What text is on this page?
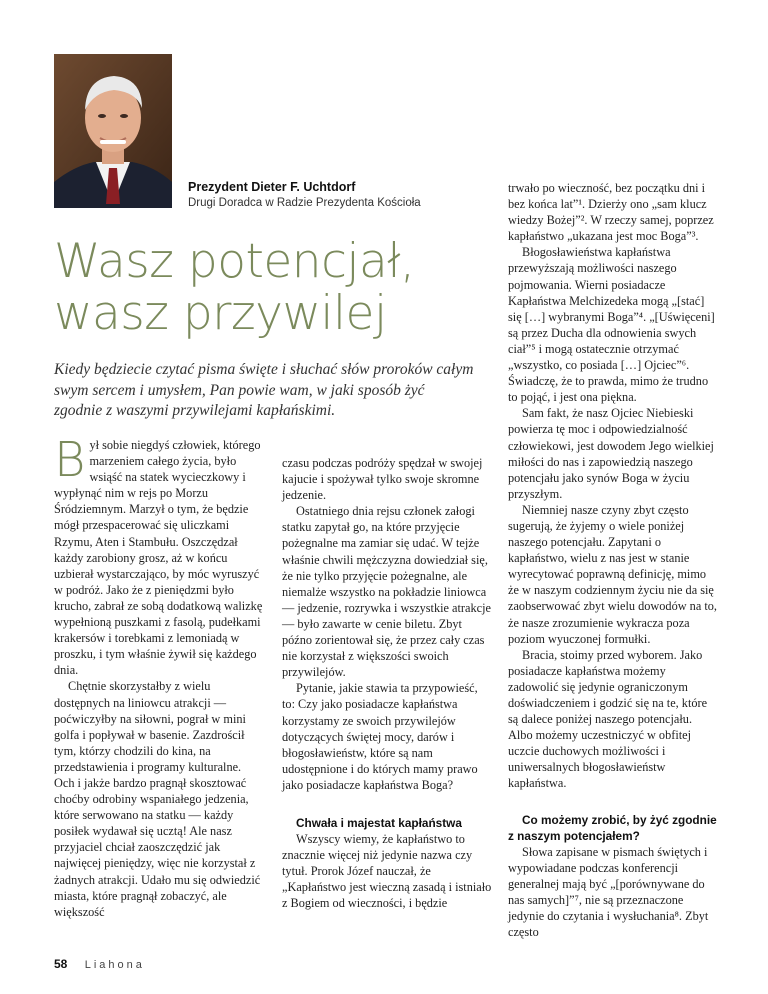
Prezydent Dieter F. Uchtdorf
Drugi Doradca w Radzie Prezydenta Kościoła
Wasz potencjał,
wasz przywilej

Kiedy będziecie czytać pisma święte i słuchać słów proroków całym swym sercem i umysłem, Pan powie wam, w jaki sposób żyć zgodnie z waszymi przywilejami kapłańskimi.

Był sobie niegdyś człowiek, którego marzeniem całego życia, było wsiąść na statek wycieczkowy i wypłynąć nim w rejs po Morzu Śródziemnym. Marzył o tym, że będzie mógł przespacerować się uliczkami Rzymu, Aten i Stambułu. Oszczędzał każdy zarobiony grosz, aż w końcu uzbierał wystarczająco, by móc wyruszyć w podróż. Jako że z pieniędzmi było krucho, zabrał ze sobą dodatkową walizkę wypełnioną puszkami z fasolą, pudełkami krakersów i torebkami z lemoniadą w proszku, i tym właśnie żywił się każdego dnia.

Chętnie skorzystałby z wielu dostępnych na liniowcu atrakcji — poćwiczyłby na siłowni, pograł w mini golfa i popływał w basenie. Zazdrościł tym, którzy chodzili do kina, na przedstawienia i programy kulturalne. Och i jakże bardzo pragnął skosztować choćby odrobiny wspaniałego jedzenia, które serwowano na statku — każdy posiłek wydawał się ucztą! Ale nasz przyjaciel chciał zaoszczędzić jak najwięcej pieniędzy, więc nie korzystał z żadnych atrakcji. Udało mu się odwiedzić miasta, które pragnął zobaczyć, ale większość

czasu podczas podróży spędzał w swojej kajucie i spożywał tylko swoje skromne jedzenie.

Ostatniego dnia rejsu członek załogi statku zapytał go, na które przyjęcie pożegnalne ma zamiar się udać. W tejże właśnie chwili mężczyzna dowiedział się, że nie tylko przyjęcie pożegnalne, ale niemalże wszystko na pokładzie liniowca — jedzenie, rozrywka i wszystkie atrakcje — było zawarte w cenie biletu. Zbyt późno zorientował się, że przez cały czas nie korzystał z większości swoich przywilejów.

Pytanie, jakie stawia ta przypowieść, to: Czy jako posiadacze kapłaństwa korzystamy ze swoich przywilejów dotyczących świętej mocy, darów i błogosławieństw, które są nam udostępnione i do których mamy prawo jako posiadacze kapłaństwa Boga?

Chwała i majestat kapłaństwa

Wszyscy wiemy, że kapłaństwo to znacznie więcej niż jedynie nazwa czy tytuł. Prorok Józef nauczał, że „Kapłaństwo jest wieczną zasadą i istniało z Bogiem od wieczności, i będzie

trwało po wieczność, bez początku dni i bez końca lat”¹. Dzierży ono „sam klucz wiedzy Bożej”². W rzeczy samej, poprzez kapłaństwo „ukazana jest moc Boga”³.

Błogosławieństwa kapłaństwa przewyższają możliwości naszego pojmowania. Wierni posiadacze Kapłaństwa Melchizedeka mogą „[stać] się […] wybranymi Boga”⁴. „[Uświęceni] są przez Ducha dla odnowienia swych ciał”⁵ i mogą ostatecznie otrzymać „wszystko, co posiada […] Ojciec”⁶. Świadczę, że to prawda, mimo że trudno to pojąć, i jest ona piękna.

Sam fakt, że nasz Ojciec Niebieski powierza tę moc i odpowiedzialność człowiekowi, jest dowodem Jego wielkiej miłości do nas i zapowiedzią naszego potencjału jako synów Boga w życiu przyszłym.

Niemniej nasze czyny zbyt często sugerują, że żyjemy o wiele poniżej naszego potencjału. Zapytani o kapłaństwo, wielu z nas jest w stanie wyrecytować poprawną definicję, mimo że w naszym codziennym życiu nie da się zaobserwować zbyt wielu dowodów na to, że nasze zrozumienie wykracza poza poziom wyuczonej formułki.

Bracia, stoimy przed wyborem. Jako posiadacze kapłaństwa możemy zadowolić się jedynie ograniczonym doświadczeniem i godzić się na te, które są dalece poniżej naszego potencjału. Albo możemy uczestniczyć w obfitej uczcie duchowych możliwości i uniwersalnych błogosławieństw kapłaństwa.

Co możemy zrobić, by żyć zgodnie z naszym potencjałem?

Słowa zapisane w pismach świętych i wypowiadane podczas konferencji generalnej mają być „[porównywane do nas samych]”⁷, nie są przeznaczone jedynie do czytania i wysłuchania⁸. Zbyt często

58 Liahona
